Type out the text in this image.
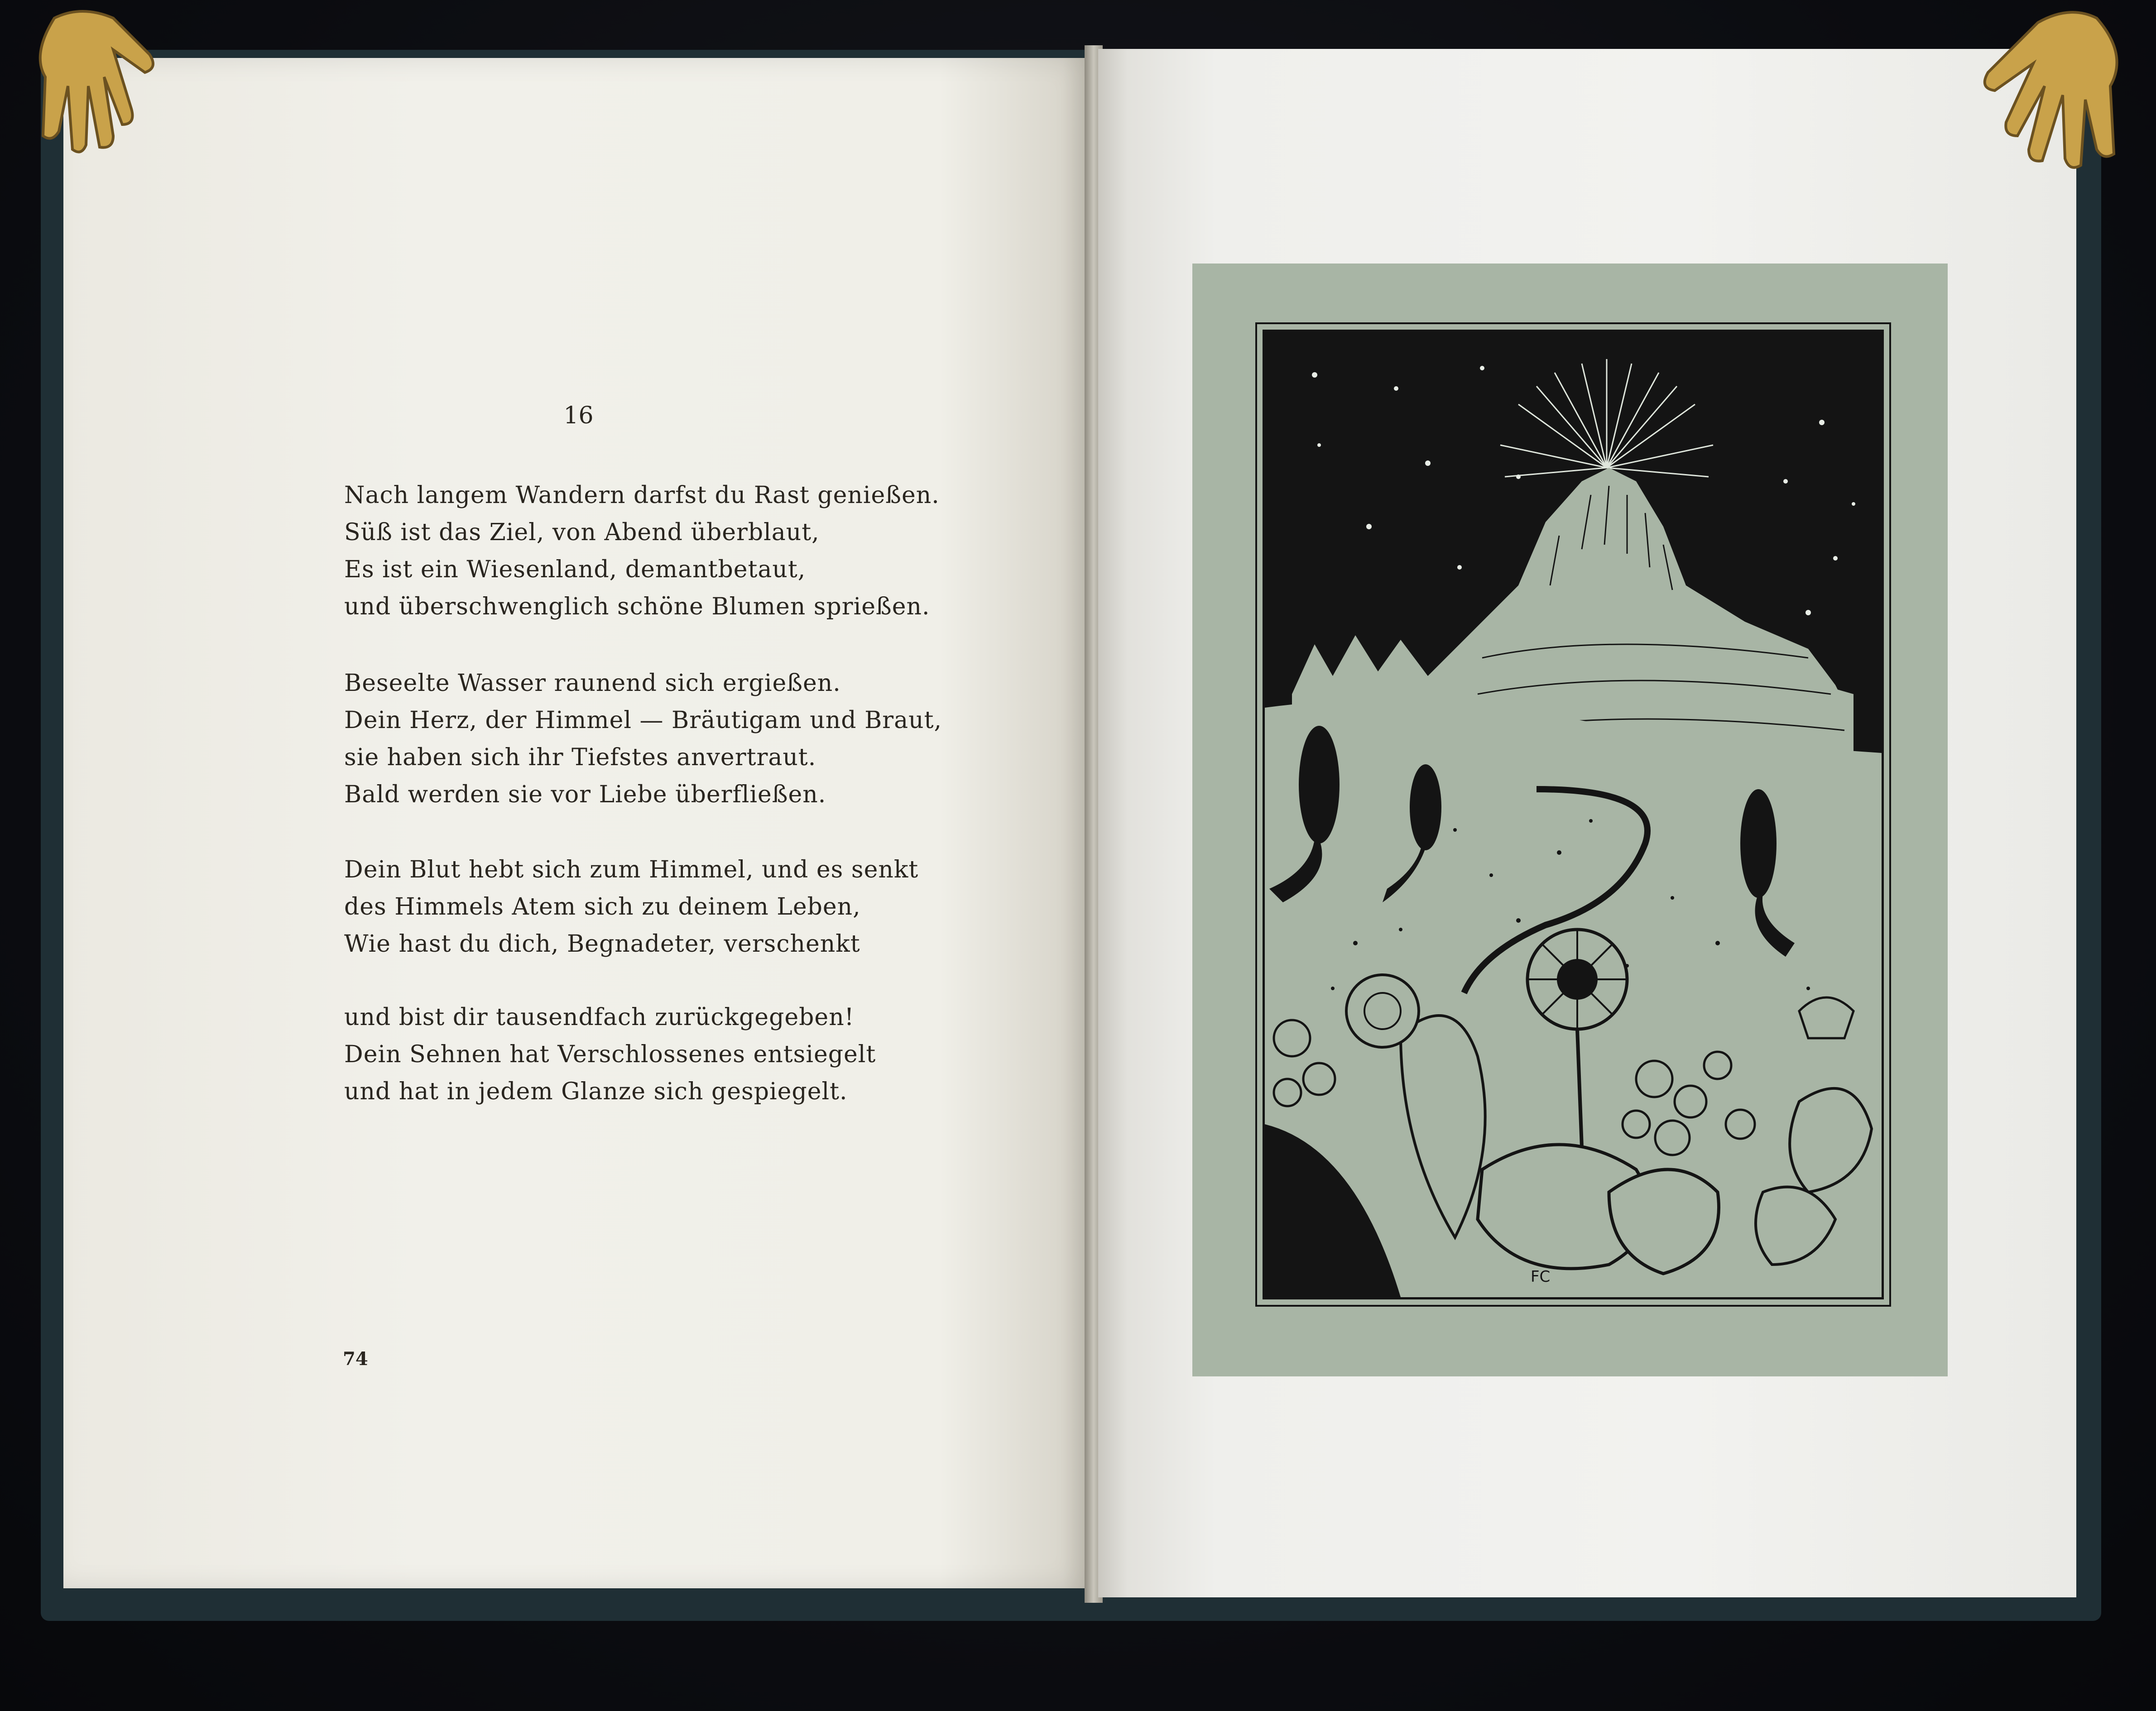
16
Nach langem Wandern darfst du Rast genießen.
Süß ist das Ziel, von Abend überblaut,
Es ist ein Wiesenland, demantbetaut,
und überschwenglich schöne Blumen sprießen.
Beseelte Wasser raunend sich ergießen.
Dein Herz, der Himmel — Bräutigam und Braut,
sie haben sich ihr Tiefstes anvertraut.
Bald werden sie vor Liebe überfließen.
Dein Blut hebt sich zum Himmel, und es senkt
des Himmels Atem sich zu deinem Leben,
Wie hast du dich, Begnadeter, verschenkt
und bist dir tausendfach zurückgegeben!
Dein Sehnen hat Verschlossenes entsiegelt
und hat in jedem Glanze sich gespiegelt.
74
FC
